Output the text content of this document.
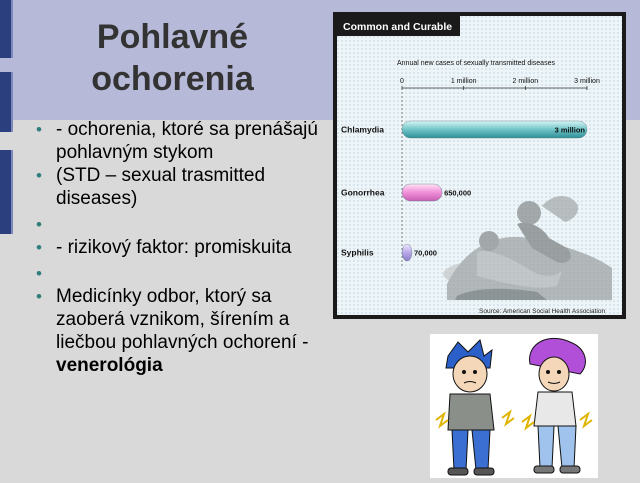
Pohlavné
ochorenia
• - ochorenia, ktoré sa prenášajú pohlavným stykom
• (STD – sexual trasmitted diseases)
•
• - rizikový faktor: promiskuita
•
• Medicínky odbor, ktorý sa zaoberá vznikom, šírením a liečbou pohlavných ochorení - venerológia
Common and Curable
Annual new cases of sexually transmitted diseases
0	1 million	2 million	3 million
Chlamydia	3 million
Gonorrhea	650,000
Syphilis	70,000
Source: American Social Health Association
